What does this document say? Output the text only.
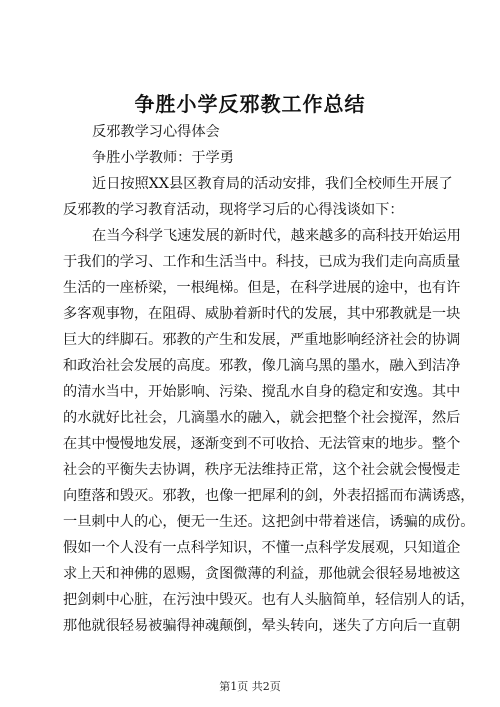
争胜小学反邪教工作总结
反邪教学习心得体会
争胜小学教师：于学勇
近日按照XX县区教育局的活动安排，我们全校师生开展了
反邪教的学习教育活动，现将学习后的心得浅谈如下：
在当今科学飞速发展的新时代，越来越多的高科技开始运用
于我们的学习、工作和生活当中。科技，已成为我们走向高质量
生活的一座桥梁，一根绳梯。但是，在科学进展的途中，也有许
多客观事物，在阻碍、威胁着新时代的发展，其中邪教就是一块
巨大的绊脚石。邪教的产生和发展，严重地影响经济社会的协调
和政治社会发展的高度。邪教，像几滴乌黑的墨水，融入到洁净
的清水当中，开始影响、污染、搅乱水自身的稳定和安逸。其中
的水就好比社会，几滴墨水的融入，就会把整个社会搅浑，然后
在其中慢慢地发展，逐渐变到不可收拾、无法管束的地步。整个
社会的平衡失去协调，秩序无法维持正常，这个社会就会慢慢走
向堕落和毁灭。邪教，也像一把犀利的剑，外表招摇而布满诱惑，
一旦刺中人的心，便无一生还。这把剑中带着迷信，诱骗的成份。
假如一个人没有一点科学知识，不懂一点科学发展观，只知道企
求上天和神佛的恩赐，贪图微薄的利益，那他就会很轻易地被这
把剑刺中心脏，在污浊中毁灭。也有人头脑简单，轻信别人的话，
那他就很轻易被骗得神魂颠倒，晕头转向，迷失了方向后一直朝
第1页 共2页
